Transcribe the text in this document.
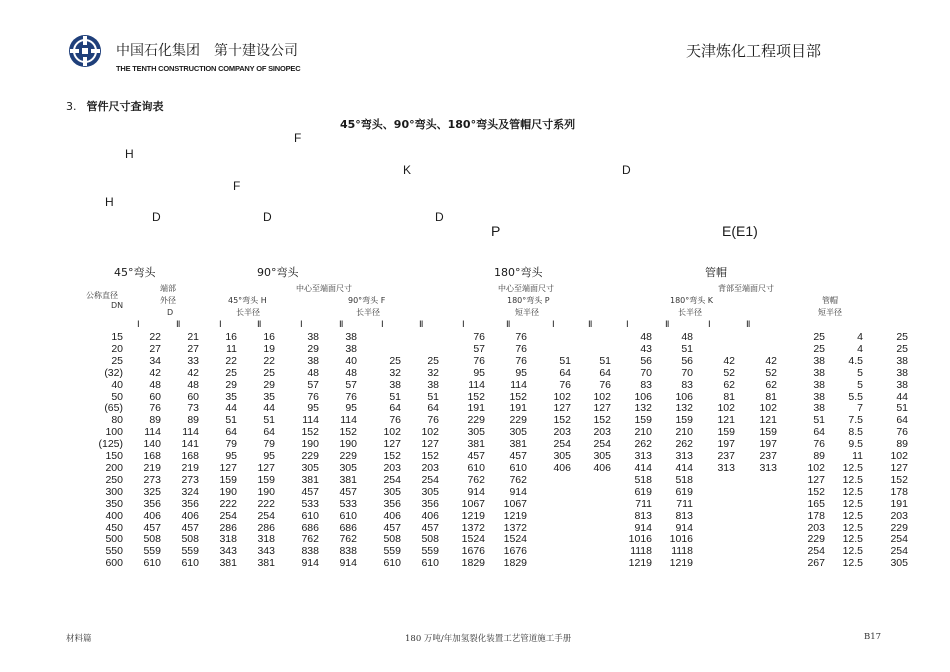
中国石化集团　第十建设公司
THE TENTH CONSTRUCTION COMPANY OF SINOPEC
天津炼化工程项目部
3. 管件尺寸查询表
45°弯头、90°弯头、180°弯头及管帽尺寸系列
F
H
K	D
F
H
D	D	D
P	E(E1)
45°弯头	90°弯头	180°弯头	管帽
公称直径
DN
端部
外径
D
中心至端面尺寸
45°弯头 H
长半径
90°弯头 F
长半径
中心至端面尺寸
180°弯头 P
短半径
背部至端面尺寸
180°弯头 K
长半径
管帽
短半径
Ⅰ	Ⅱ	Ⅰ	Ⅱ	Ⅰ	Ⅱ	Ⅰ	Ⅱ	Ⅰ	Ⅱ	Ⅰ	Ⅱ	Ⅰ	Ⅱ	Ⅰ	Ⅱ
15	22	21	16	16	38	38			76	76			48	48			25	4	25
20	27	27	11	19	29	38			57	76			43	51			25	4	25
25	34	33	22	22	38	40	25	25	76	76	51	51	56	56	42	42	38	4.5	38
(32)	42	42	25	25	48	48	32	32	95	95	64	64	70	70	52	52	38	5	38
40	48	48	29	29	57	57	38	38	114	114	76	76	83	83	62	62	38	5	38
50	60	60	35	35	76	76	51	51	152	152	102	102	106	106	81	81	38	5.5	44
(65)	76	73	44	44	95	95	64	64	191	191	127	127	132	132	102	102	38	7	51
80	89	89	51	51	114	114	76	76	229	229	152	152	159	159	121	121	51	7.5	64
100	114	114	64	64	152	152	102	102	305	305	203	203	210	210	159	159	64	8.5	76
(125)	140	141	79	79	190	190	127	127	381	381	254	254	262	262	197	197	76	9.5	89
150	168	168	95	95	229	229	152	152	457	457	305	305	313	313	237	237	89	11	102
200	219	219	127	127	305	305	203	203	610	610	406	406	414	414	313	313	102	12.5	127
250	273	273	159	159	381	381	254	254	762	762			518	518			127	12.5	152
300	325	324	190	190	457	457	305	305	914	914			619	619			152	12.5	178
350	356	356	222	222	533	533	356	356	1067	1067			711	711			165	12.5	191
400	406	406	254	254	610	610	406	406	1219	1219			813	813			178	12.5	203
450	457	457	286	286	686	686	457	457	1372	1372			914	914			203	12.5	229
500	508	508	318	318	762	762	508	508	1524	1524			1016	1016			229	12.5	254
550	559	559	343	343	838	838	559	559	1676	1676			1118	1118			254	12.5	254
600	610	610	381	381	914	914	610	610	1829	1829			1219	1219			267	12.5	305
材料篇	180 万吨/年加氢裂化装置工艺管道施工手册	B17
